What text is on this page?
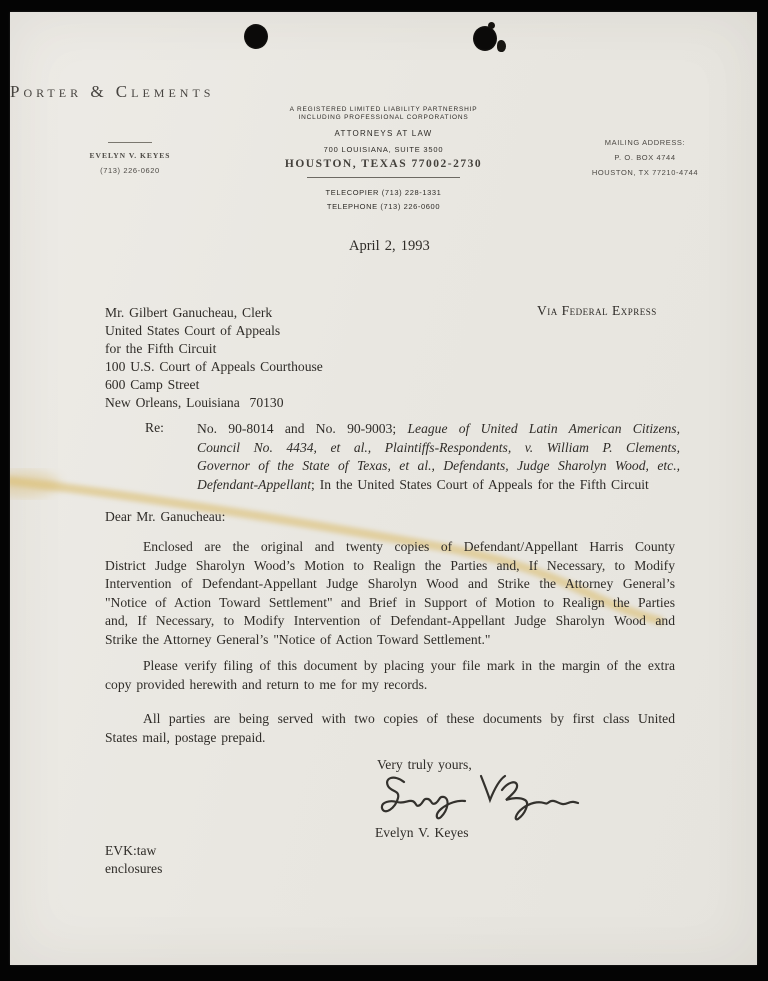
Porter & Clements
A REGISTERED LIMITED LIABILITY PARTNERSHIP
INCLUDING PROFESSIONAL CORPORATIONS
ATTORNEYS AT LAW
700 LOUISIANA, SUITE 3500
HOUSTON, TEXAS 77002-2730
TELECOPIER (713) 228-1331
TELEPHONE (713) 226-0600
EVELYN V. KEYES
(713) 226-0620
MAILING ADDRESS:
P. O. BOX 4744
HOUSTON, TX 77210-4744
April 2, 1993
Via Federal Express
Mr. Gilbert Ganucheau, Clerk
United States Court of Appeals
for the Fifth Circuit
100 U.S. Court of Appeals Courthouse
600 Camp Street
New Orleans, Louisiana  70130
Re: No. 90-8014 and No. 90-9003; League of United Latin American Citizens,
Council No. 4434, et al., Plaintiffs-Respondents, v. William P. Clements,
Governor of the State of Texas, et al., Defendants, Judge Sharolyn Wood, etc.,
Defendant-Appellant; In the United States Court of Appeals for the Fifth Circuit
Dear Mr. Ganucheau:
Enclosed are the original and twenty copies of Defendant/Appellant Harris County
District Judge Sharolyn Wood’s Motion to Realign the Parties and, If Necessary, to Modify
Intervention of Defendant-Appellant Judge Sharolyn Wood and Strike the Attorney General’s
"Notice of Action Toward Settlement" and Brief in Support of Motion to Realign the Parties
and, If Necessary, to Modify Intervention of Defendant-Appellant Judge Sharolyn Wood and
Strike the Attorney General’s "Notice of Action Toward Settlement."
Please verify filing of this document by placing your file mark in the margin of the extra
copy provided herewith and return to me for my records.
All parties are being served with two copies of these documents by first class United
States mail, postage prepaid.
Very truly yours,
Evelyn V. Keyes
EVK:taw
enclosures
